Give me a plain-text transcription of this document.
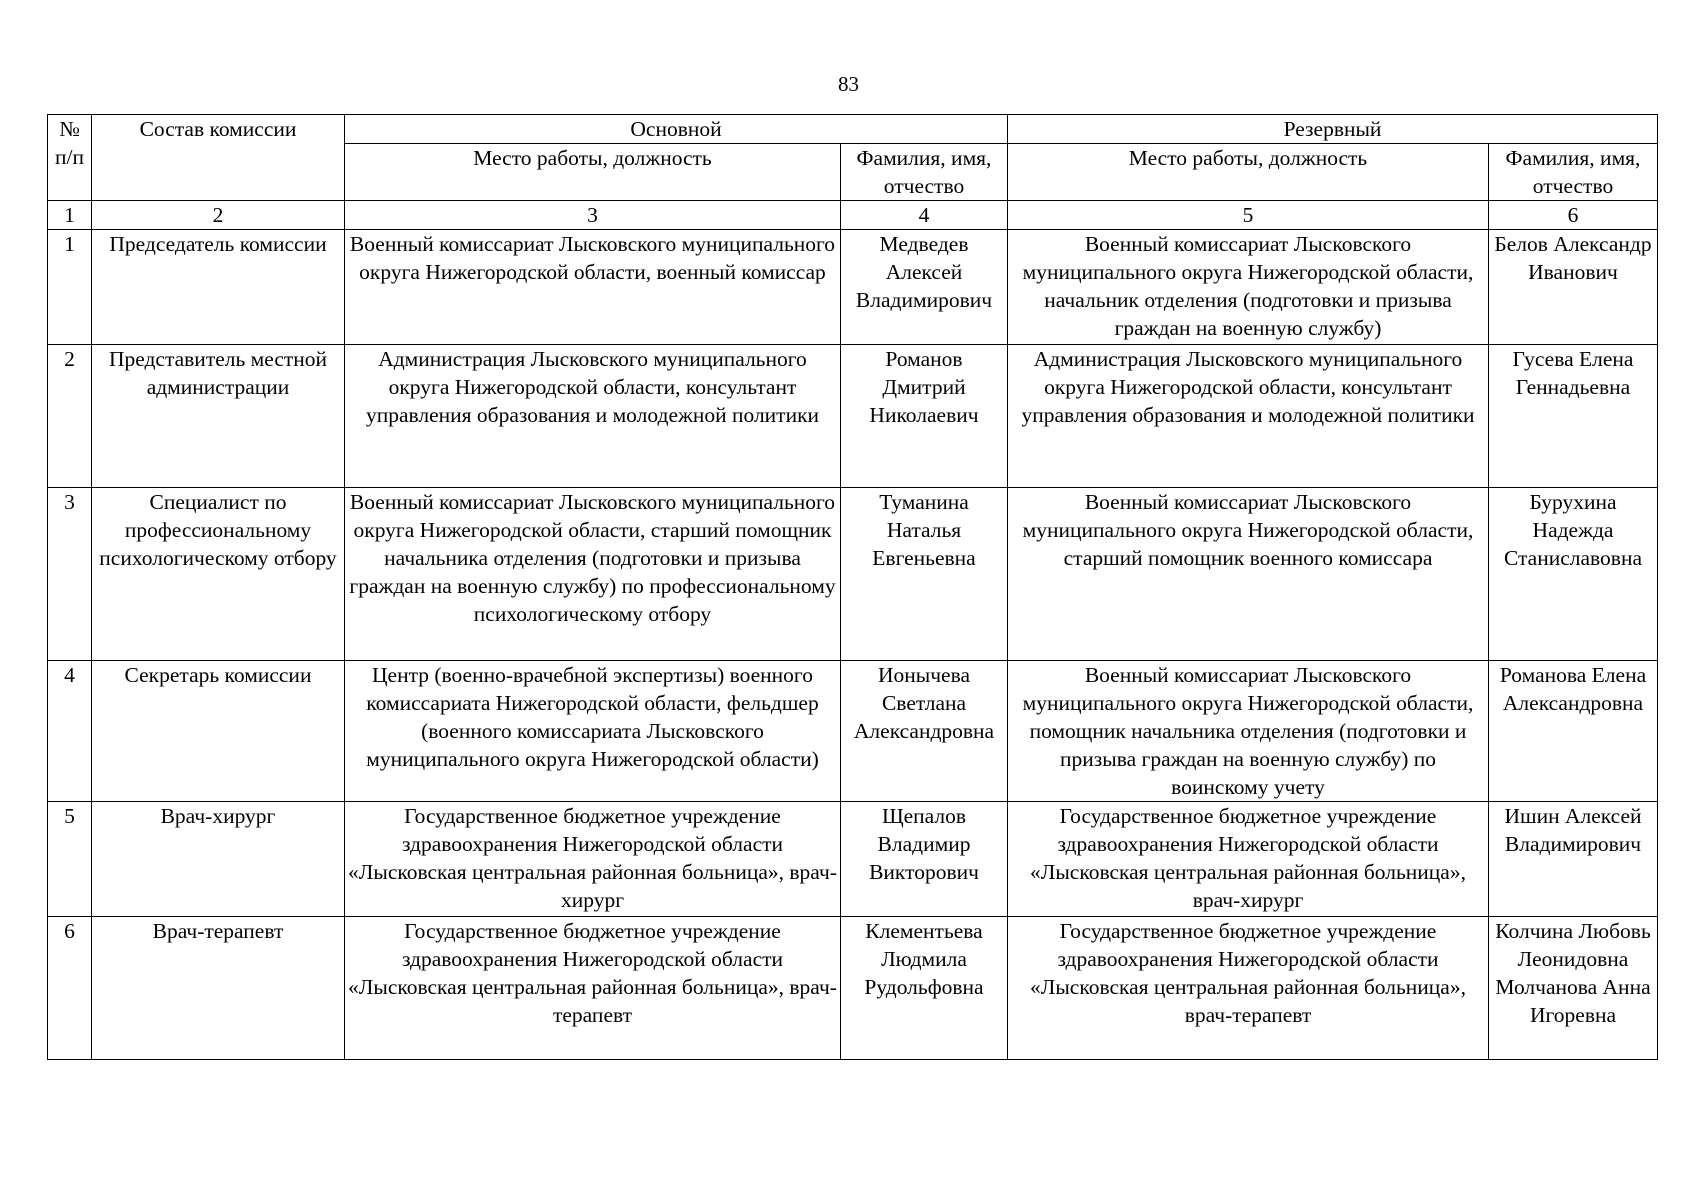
83
№ п/п	Состав комиссии	Основной		Резервный	
		Место работы, должность	Фамилия, имя, отчество	Место работы, должность	Фамилия, имя, отчество
1	2	3	4	5	6
1	Председатель комиссии	Военный комиссариат Лысковского муниципального округа Нижегородской области, военный комиссар	Медведев Алексей Владимирович	Военный комиссариат Лысковского муниципального округа Нижегородской области, начальник отделения (подготовки и призыва граждан на военную службу)	Белов Александр Иванович
2	Представитель местной администрации	Администрация Лысковского муниципального округа Нижегородской области, консультант управления образования и молодежной политики	Романов Дмитрий Николаевич	Администрация Лысковского муниципального округа Нижегородской области, консультант управления образования и молодежной политики	Гусева Елена Геннадьевна
3	Специалист по профессиональному психологическому отбору	Военный комиссариат Лысковского муниципального округа Нижегородской области, старший помощник начальника отделения (подготовки и призыва граждан на военную службу) по профессиональному психологическому отбору	Туманина Наталья Евгеньевна	Военный комиссариат Лысковского муниципального округа Нижегородской области, старший помощник военного комиссара	Бурухина Надежда Станиславовна
4	Секретарь комиссии	Центр (военно-врачебной экспертизы) военного комиссариата Нижегородской области, фельдшер (военного комиссариата Лысковского муниципального округа Нижегородской области)	Ионычева Светлана Александровна	Военный комиссариат Лысковского муниципального округа Нижегородской области, помощник начальника отделения (подготовки и призыва граждан на военную службу) по воинскому учету	Романова Елена Александровна
5	Врач-хирург	Государственное бюджетное учреждение здравоохранения Нижегородской области «Лысковская центральная районная больница», врач-хирург	Щепалов Владимир Викторович	Государственное бюджетное учреждение здравоохранения Нижегородской области «Лысковская центральная районная больница», врач-хирург	Ишин Алексей Владимирович
6	Врач-терапевт	Государственное бюджетное учреждение здравоохранения Нижегородской области «Лысковская центральная районная больница», врач-терапевт	Клементьева Людмила Рудольфовна	Государственное бюджетное учреждение здравоохранения Нижегородской области «Лысковская центральная районная больница», врач-терапевт	Колчина Любовь Леонидовна Молчанова Анна Игоревна
